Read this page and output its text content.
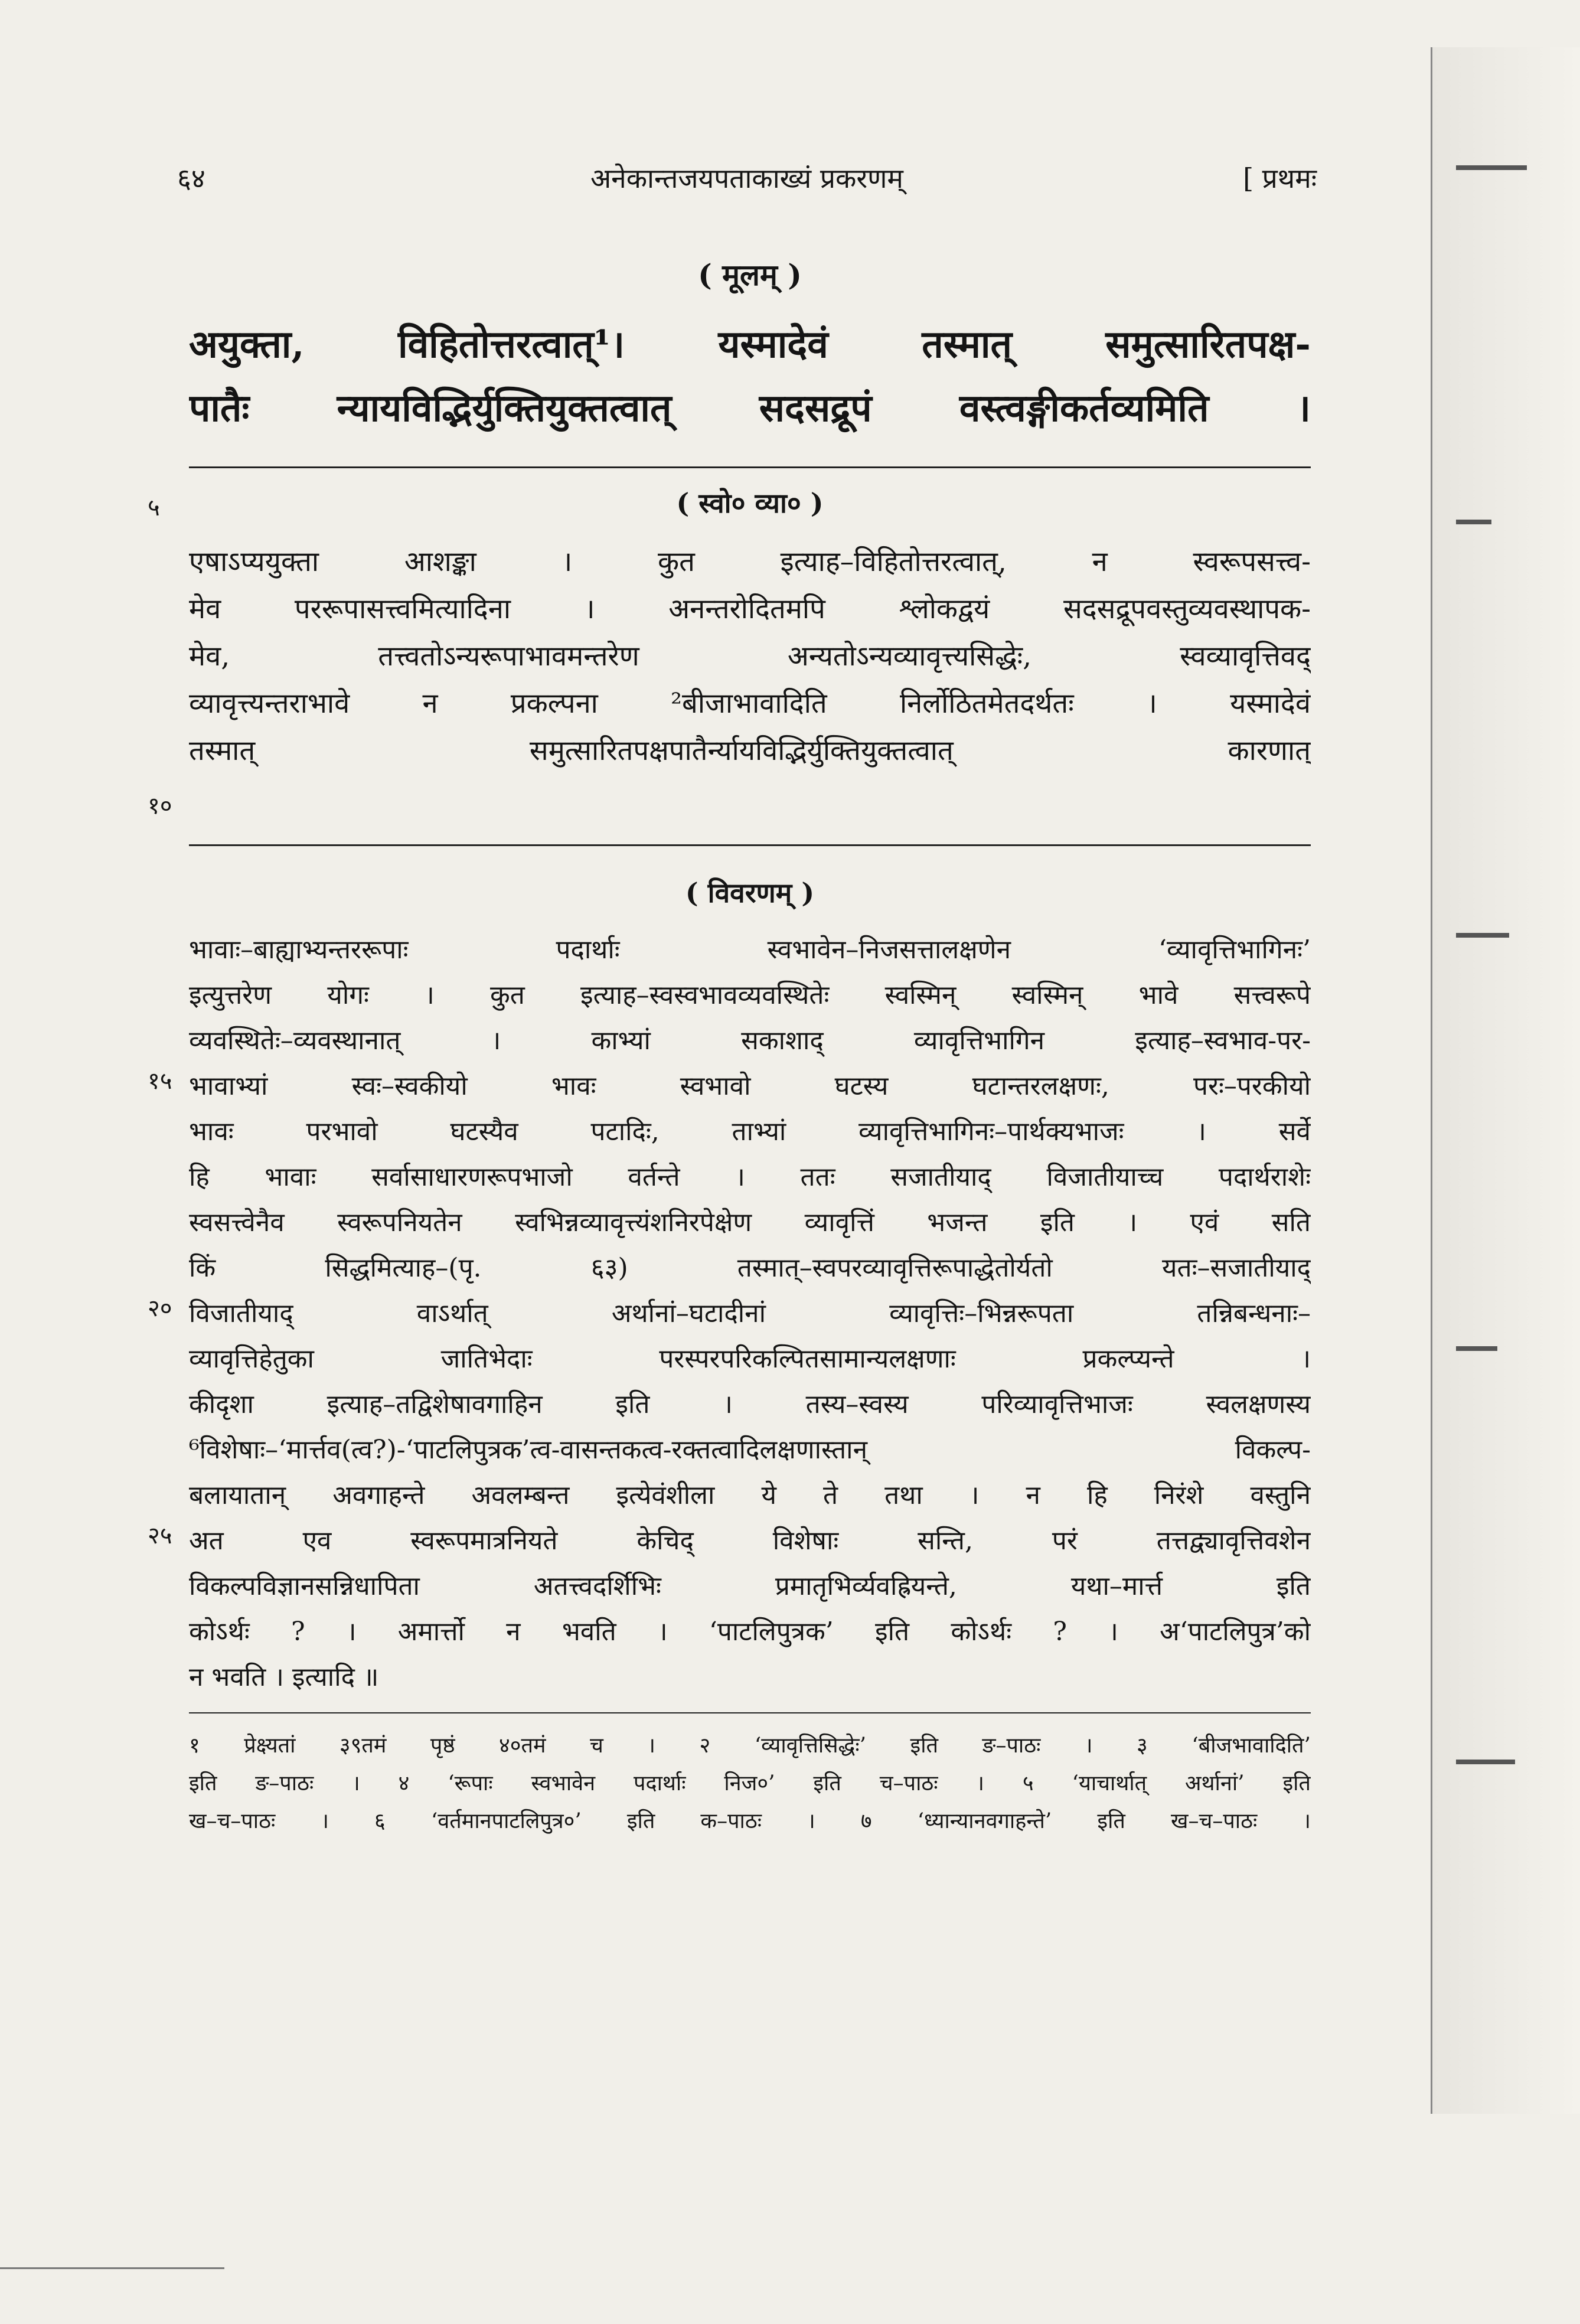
अनेकान्तजयपताकाख्यं प्रकरणम्
६४	[ प्रथमः
( मूलम् )
अयुक्ता, विहितोत्तरत्वात्¹। यस्मादेवं तस्मात् समुत्सारितपक्ष-
पातैः न्यायविद्भिर्युक्तियुक्तत्वात् सदसद्रूपं वस्त्वङ्गीकर्तव्यमिति ।
( स्वो० व्या० )
५
एषाऽप्ययुक्ता आशङ्का । कुत इत्याह–विहितोत्तरत्वात्, न स्वरूपसत्त्व-
मेव पररूपासत्त्वमित्यादिना । अनन्तरोदितमपि श्लोकद्वयं सदसद्रूपवस्तुव्यवस्थापक-
मेव, तत्त्वतोऽन्यरूपाभावमन्तरेण अन्यतोऽन्यव्यावृत्त्यसिद्धेः, स्वव्यावृत्तिवद्
व्यावृत्त्यन्तराभावे न प्रकल्पना ²बीजाभावादिति निर्लोठितमेतदर्थतः । यस्मादेवं
तस्मात् समुत्सारितपक्षपातैर्न्यायविद्भिर्युक्तियुक्तत्वात् कारणात्
१०
( विवरणम् )
भावाः–बाह्याभ्यन्तररूपाः पदार्थाः स्वभावेन–निजसत्तालक्षणेन ‘व्यावृत्तिभागिनः’
इत्युत्तरेण योगः । कुत इत्याह–स्वस्वभावव्यवस्थितेः स्वस्मिन् स्वस्मिन् भावे सत्त्वरूपे
व्यवस्थितेः–व्यवस्थानात् । काभ्यां सकाशाद् व्यावृत्तिभागिन इत्याह–स्वभाव-पर-
भावाभ्यां स्वः–स्वकीयो भावः स्वभावो घटस्य घटान्तरलक्षणः, परः–परकीयो
भावः परभावो घटस्यैव पटादिः, ताभ्यां व्यावृत्तिभागिनः–पार्थक्यभाजः । सर्वे
हि भावाः सर्वासाधारणरूपभाजो वर्तन्ते । ततः सजातीयाद् विजातीयाच्च पदार्थराशेः
स्वसत्त्वेनैव स्वरूपनियतेन स्वभिन्नव्यावृत्त्यंशनिरपेक्षेण व्यावृत्तिं भजन्त इति । एवं सति
किं सिद्धमित्याह–(पृ. ६३) तस्मात्–स्वपरव्यावृत्तिरूपाद्धेतोर्यतो यतः–सजातीयाद्
विजातीयाद् वाऽर्थात् अर्थानां–घटादीनां व्यावृत्तिः–भिन्नरूपता तन्निबन्धनाः–
व्यावृत्तिहेतुका जातिभेदाः परस्परपरिकल्पितसामान्यलक्षणाः प्रकल्प्यन्ते ।
कीदृशा इत्याह–तद्विशेषावगाहिन इति । तस्य–स्वस्य परिव्यावृत्तिभाजः स्वलक्षणस्य
⁶विशेषाः–‘मार्त्तव(त्व?)-‘पाटलिपुत्रक’त्व-वासन्तकत्व-रक्तत्वादिलक्षणास्तान् विकल्प-
बलायातान् अवगाहन्ते अवलम्बन्त इत्येवंशीला ये ते तथा । न हि निरंशे वस्तुनि
अत एव स्वरूपमात्रनियते केचिद् विशेषाः सन्ति, परं तत्तद्व्यावृत्तिवशेन
विकल्पविज्ञानसन्निधापिता अतत्त्वदर्शिभिः प्रमातृभिर्व्यवह्रियन्ते, यथा–मार्त्त इति
कोऽर्थः ? । अमार्त्तो न भवति । ‘पाटलिपुत्रक’ इति कोऽर्थः ? । अ‘पाटलिपुत्र’को
न भवति । इत्यादि ॥
१५
२०
२५
१ प्रेक्ष्यतां ३९तमं पृष्ठं ४०तमं च । २ ‘व्यावृत्तिसिद्धेः’ इति ङ–पाठः । ३ ‘बीजभावादिति’
इति ङ–पाठः । ४ ‘रूपाः स्वभावेन पदार्थाः निज०’ इति च–पाठः । ५ ‘याचार्थात् अर्थानां’ इति
ख–च–पाठः । ६ ‘वर्तमानपाटलिपुत्र०’ इति क–पाठः । ७ ‘ध्यान्यानवगाहन्ते’ इति ख–च–पाठः ।
